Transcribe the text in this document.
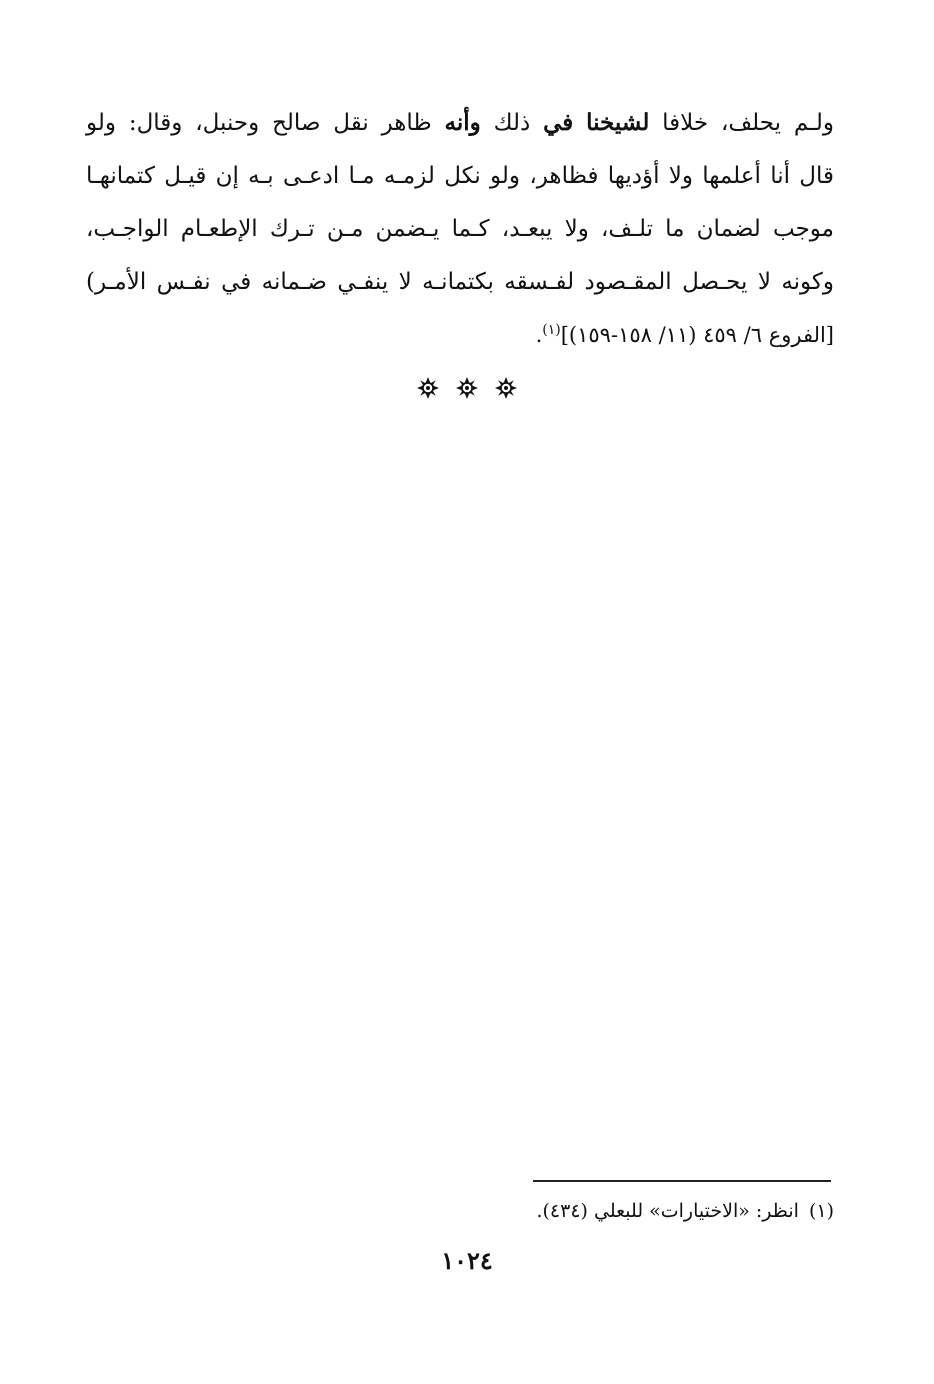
ولـم يحلف، خلافا لشيخنا في ذلك وأنه ظاهر نقل صالح وحنبل، وقال: ولو
قال أنا أعلمها ولا أؤديها فظاهر، ولو نكل لزمـه مـا ادعـى بـه إن قيـل كتمانهـا
موجب لضمان ما تلـف، ولا يبعـد، كـما يـضمن مـن تـرك الإطعـام الواجـب،
وكونه لا يحـصل المقـصود لفـسقه بكتمانـه لا ينفـي ضـمانه في نفـس الأمـر)
[الفروع ٦/ ٤٥٩ (١١/ ١٥٨-١٥٩)]$^{(١)}$.

(١)انظر: «الاختيارات» للبعلي (٤٣٤).
١٠٢٤
